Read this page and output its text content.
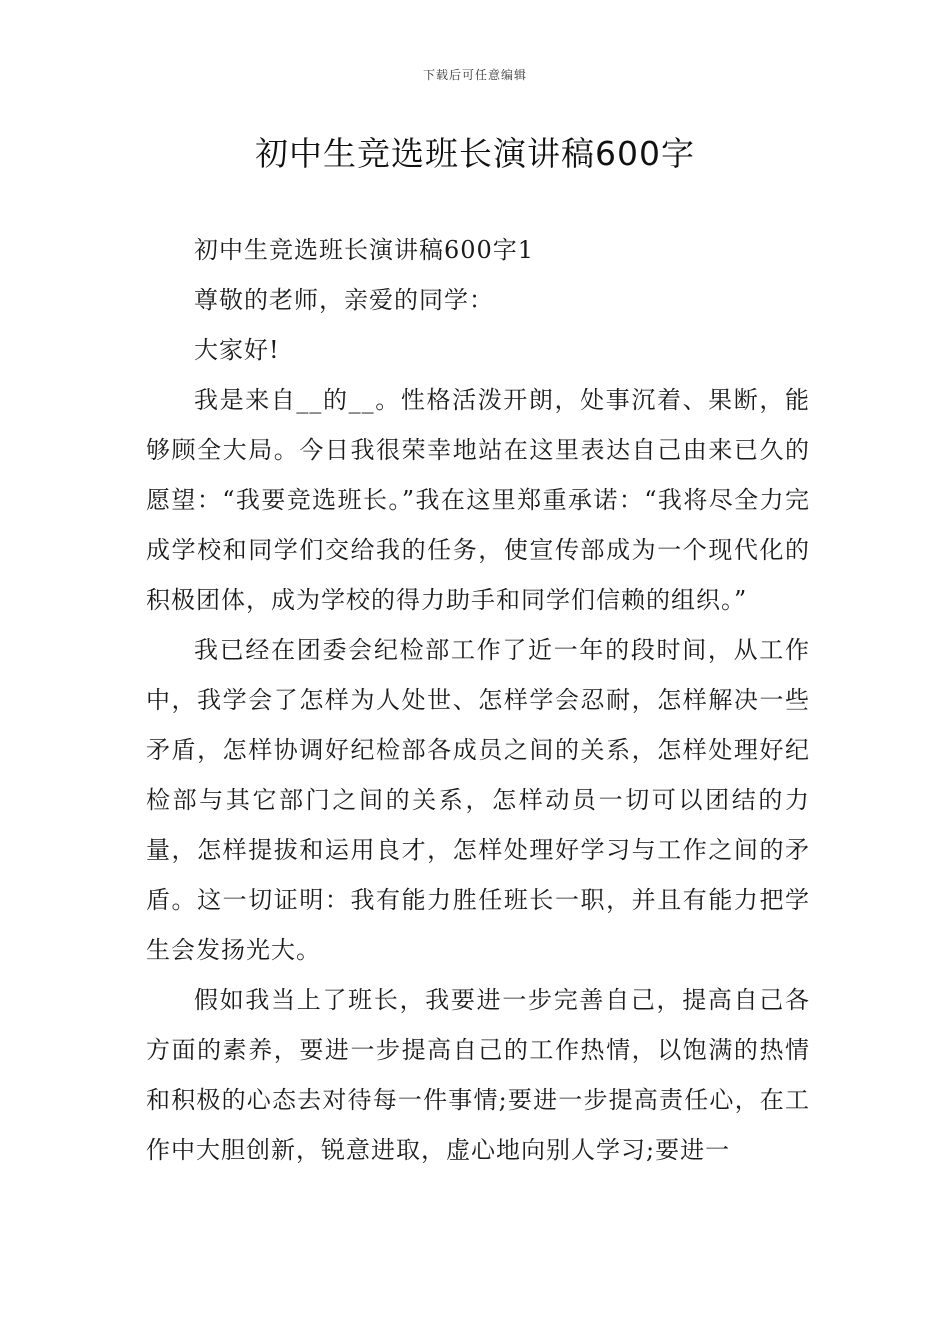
下载后可任意编辑
初中生竞选班长演讲稿600字

初中生竞选班长演讲稿600字1

尊敬的老师，亲爱的同学：

大家好!

我是来自__的__。性格活泼开朗，处事沉着、果断，能够顾全大局。今日我很荣幸地站在这里表达自己由来已久的愿望：“我要竞选班长。”我在这里郑重承诺：“我将尽全力完成学校和同学们交给我的任务，使宣传部成为一个现代化的积极团体，成为学校的得力助手和同学们信赖的组织。”

我已经在团委会纪检部工作了近一年的段时间，从工作中，我学会了怎样为人处世、怎样学会忍耐，怎样解决一些矛盾，怎样协调好纪检部各成员之间的关系，怎样处理好纪检部与其它部门之间的关系，怎样动员一切可以团结的力量，怎样提拔和运用良才，怎样处理好学习与工作之间的矛盾。这一切证明：我有能力胜任班长一职，并且有能力把学生会发扬光大。

假如我当上了班长，我要进一步完善自己，提高自己各方面的素养，要进一步提高自己的工作热情，以饱满的热情和积极的心态去对待每一件事情;要进一步提高责任心，在工作中大胆创新，锐意进取，虚心地向别人学习;要进一
